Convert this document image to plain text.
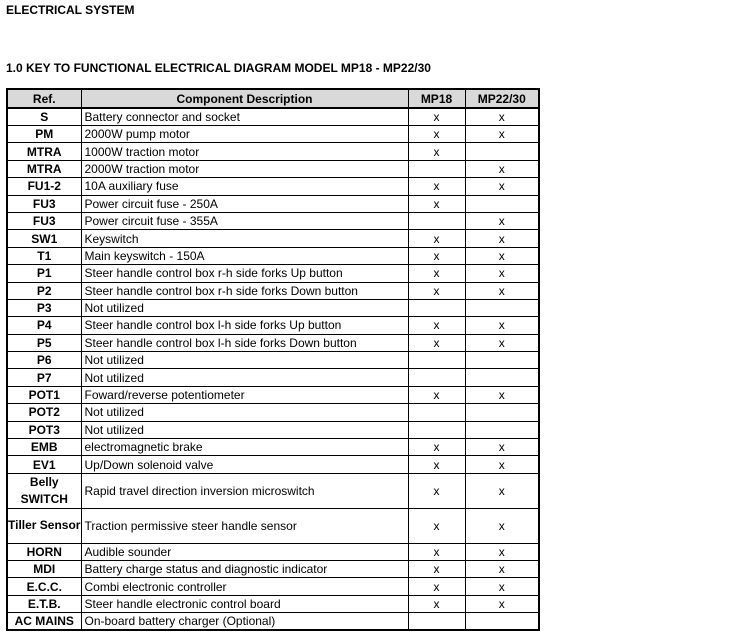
ELECTRICAL SYSTEM
1.0 KEY TO FUNCTIONAL ELECTRICAL DIAGRAM MODEL MP18 - MP22/30
Ref.	Component Description	MP18	MP22/30
S	Battery connector and socket	x	x
PM	2000W pump motor	x	x
MTRA	1000W traction motor	x	
MTRA	2000W traction motor		x
FU1-2	10A auxiliary fuse	x	x
FU3	Power circuit fuse - 250A	x	
FU3	Power circuit fuse - 355A		x
SW1	Keyswitch	x	x
T1	Main keyswitch - 150A	x	x
P1	Steer handle control box r-h side forks Up button	x	x
P2	Steer handle control box r-h side forks Down button	x	x
P3	Not utilized		
P4	Steer handle control box l-h side forks Up button	x	x
P5	Steer handle control box l-h side forks Down button	x	x
P6	Not utilized		
P7	Not utilized		
POT1	Foward/reverse potentiometer	x	x
POT2	Not utilized		
POT3	Not utilized		
EMB	electromagnetic brake	x	x
EV1	Up/Down solenoid valve	x	x
Belly SWITCH	Rapid travel direction inversion microswitch	x	x
Tiller Sensor	Traction permissive steer handle sensor	x	x
HORN	Audible sounder	x	x
MDI	Battery charge status and diagnostic indicator	x	x
E.C.C.	Combi electronic controller	x	x
E.T.B.	Steer handle electronic control board	x	x
AC MAINS	On-board battery charger (Optional)		
